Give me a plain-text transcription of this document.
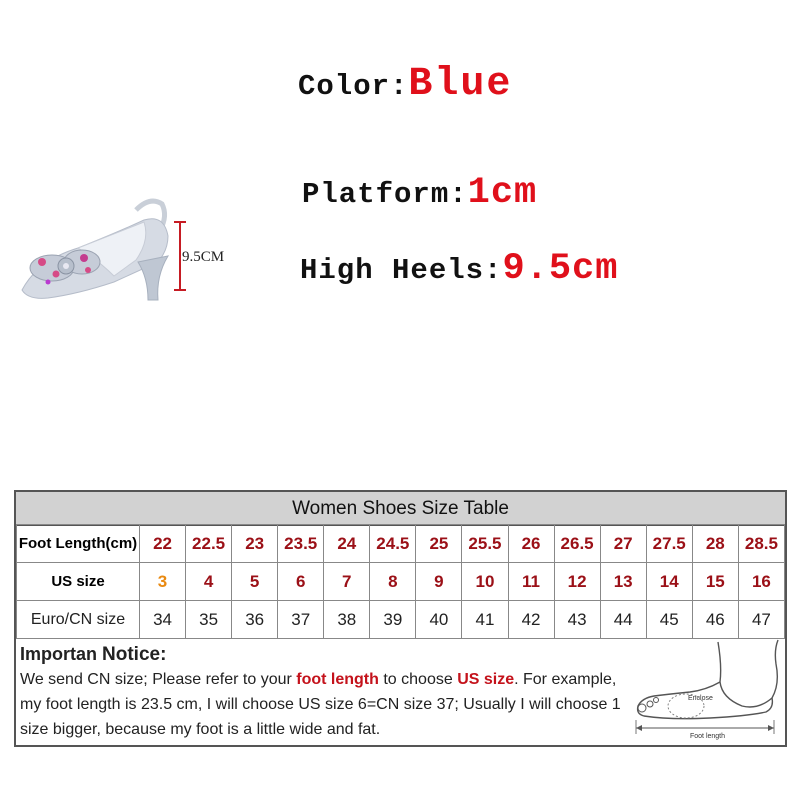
Color:Blue
Platform:1cm
High Heels:9.5cm
9.5CM
Women Shoes Size Table
Foot Length(cm)	22	22.5	23	23.5	24	24.5	25	25.5	26	26.5	27	27.5	28	28.5
US size	3	4	5	6	7	8	9	10	11	12	13	14	15	16
Euro/CN size	34	35	36	37	38	39	40	41	42	43	44	45	46	47
Importan Notice:
We send CN size; Please refer to your foot length to choose US size. For example, my foot length is 23.5 cm, I will choose US size 6=CN size 37; Usually I will choose 1 size bigger, because my foot is a little wide and fat.
Enclose
Foot length
